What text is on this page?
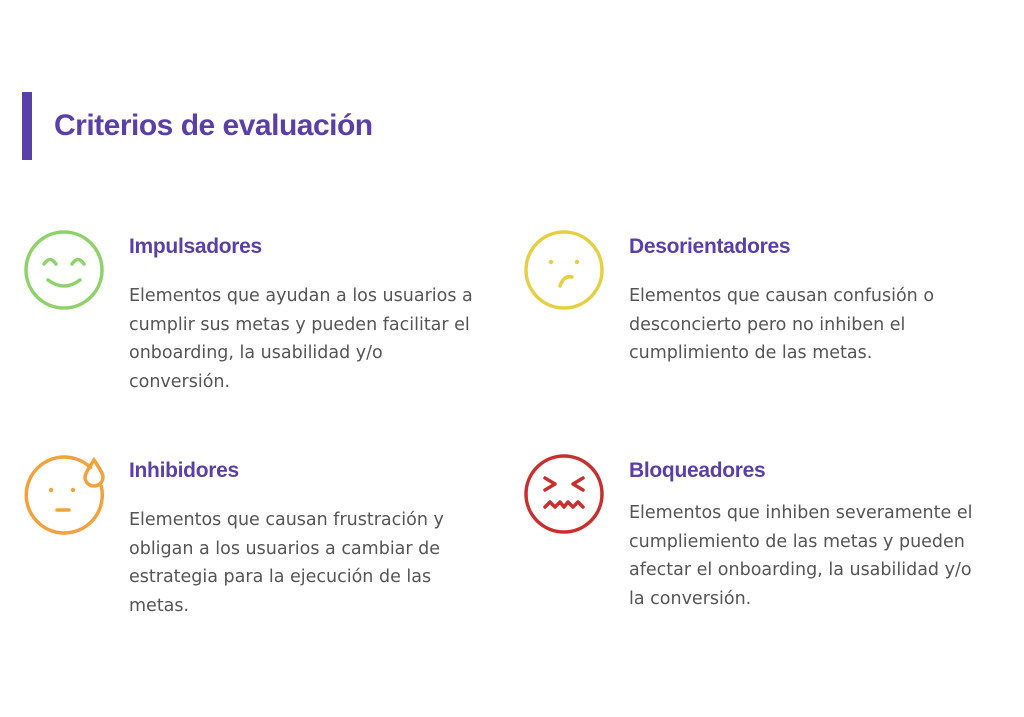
Criterios de evaluación
Impulsadores

Elementos que ayudan a los usuarios a cumplir sus metas y pueden facilitar el onboarding, la usabilidad y/o conversión.

Desorientadores

Elementos que causan confusión o desconcierto pero no inhiben el cumplimiento de las metas.

Inhibidores

Elementos que causan frustración y obligan a los usuarios a cambiar de estrategia para la ejecución de las metas.

Bloqueadores

Elementos que inhiben severamente el cumpliemiento de las metas y pueden afectar el onboarding, la usabilidad y/o la conversión.
